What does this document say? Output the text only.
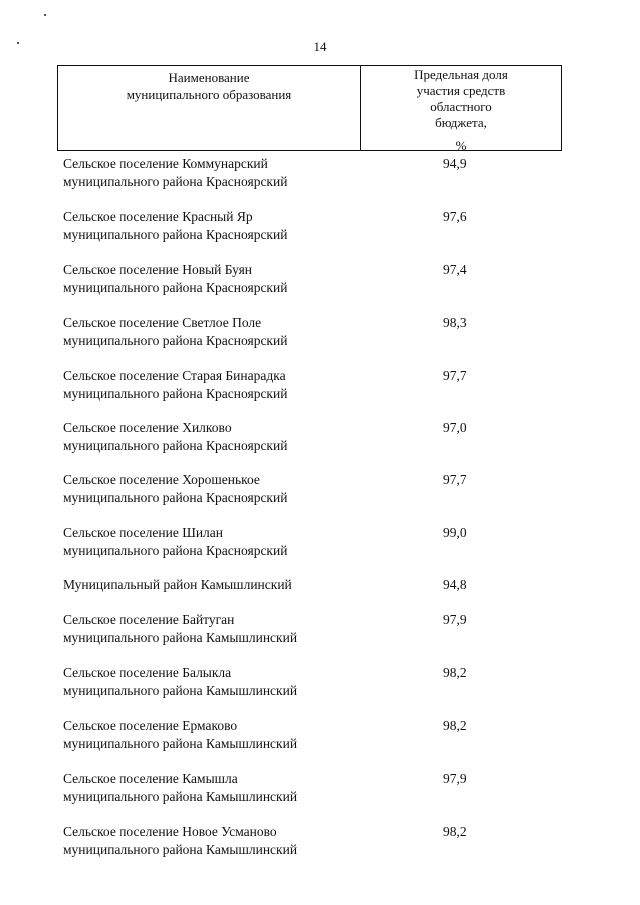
14
Наименование
муниципального образования
Предельная доля
участия средств
областного
бюджета,
%
Сельское поселение Коммунарский
муниципального района Красноярский
94,9
Сельское поселение Красный Яр
муниципального района Красноярский
97,6
Сельское поселение Новый Буян
муниципального района Красноярский
97,4
Сельское поселение Светлое Поле
муниципального района Красноярский
98,3
Сельское поселение Старая Бинарадка
муниципального района Красноярский
97,7
Сельское поселение Хилково
муниципального района Красноярский
97,0
Сельское поселение Хорошенькое
муниципального района Красноярский
97,7
Сельское поселение Шилан
муниципального района Красноярский
99,0
Муниципальный район Камышлинский	94,8
Сельское поселение Байтуган
муниципального района Камышлинский
97,9
Сельское поселение Балыкла
муниципального района Камышлинский
98,2
Сельское поселение Ермаково
муниципального района Камышлинский
98,2
Сельское поселение Камышла
муниципального района Камышлинский
97,9
Сельское поселение Новое Усманово
муниципального района Камышлинский
98,2
